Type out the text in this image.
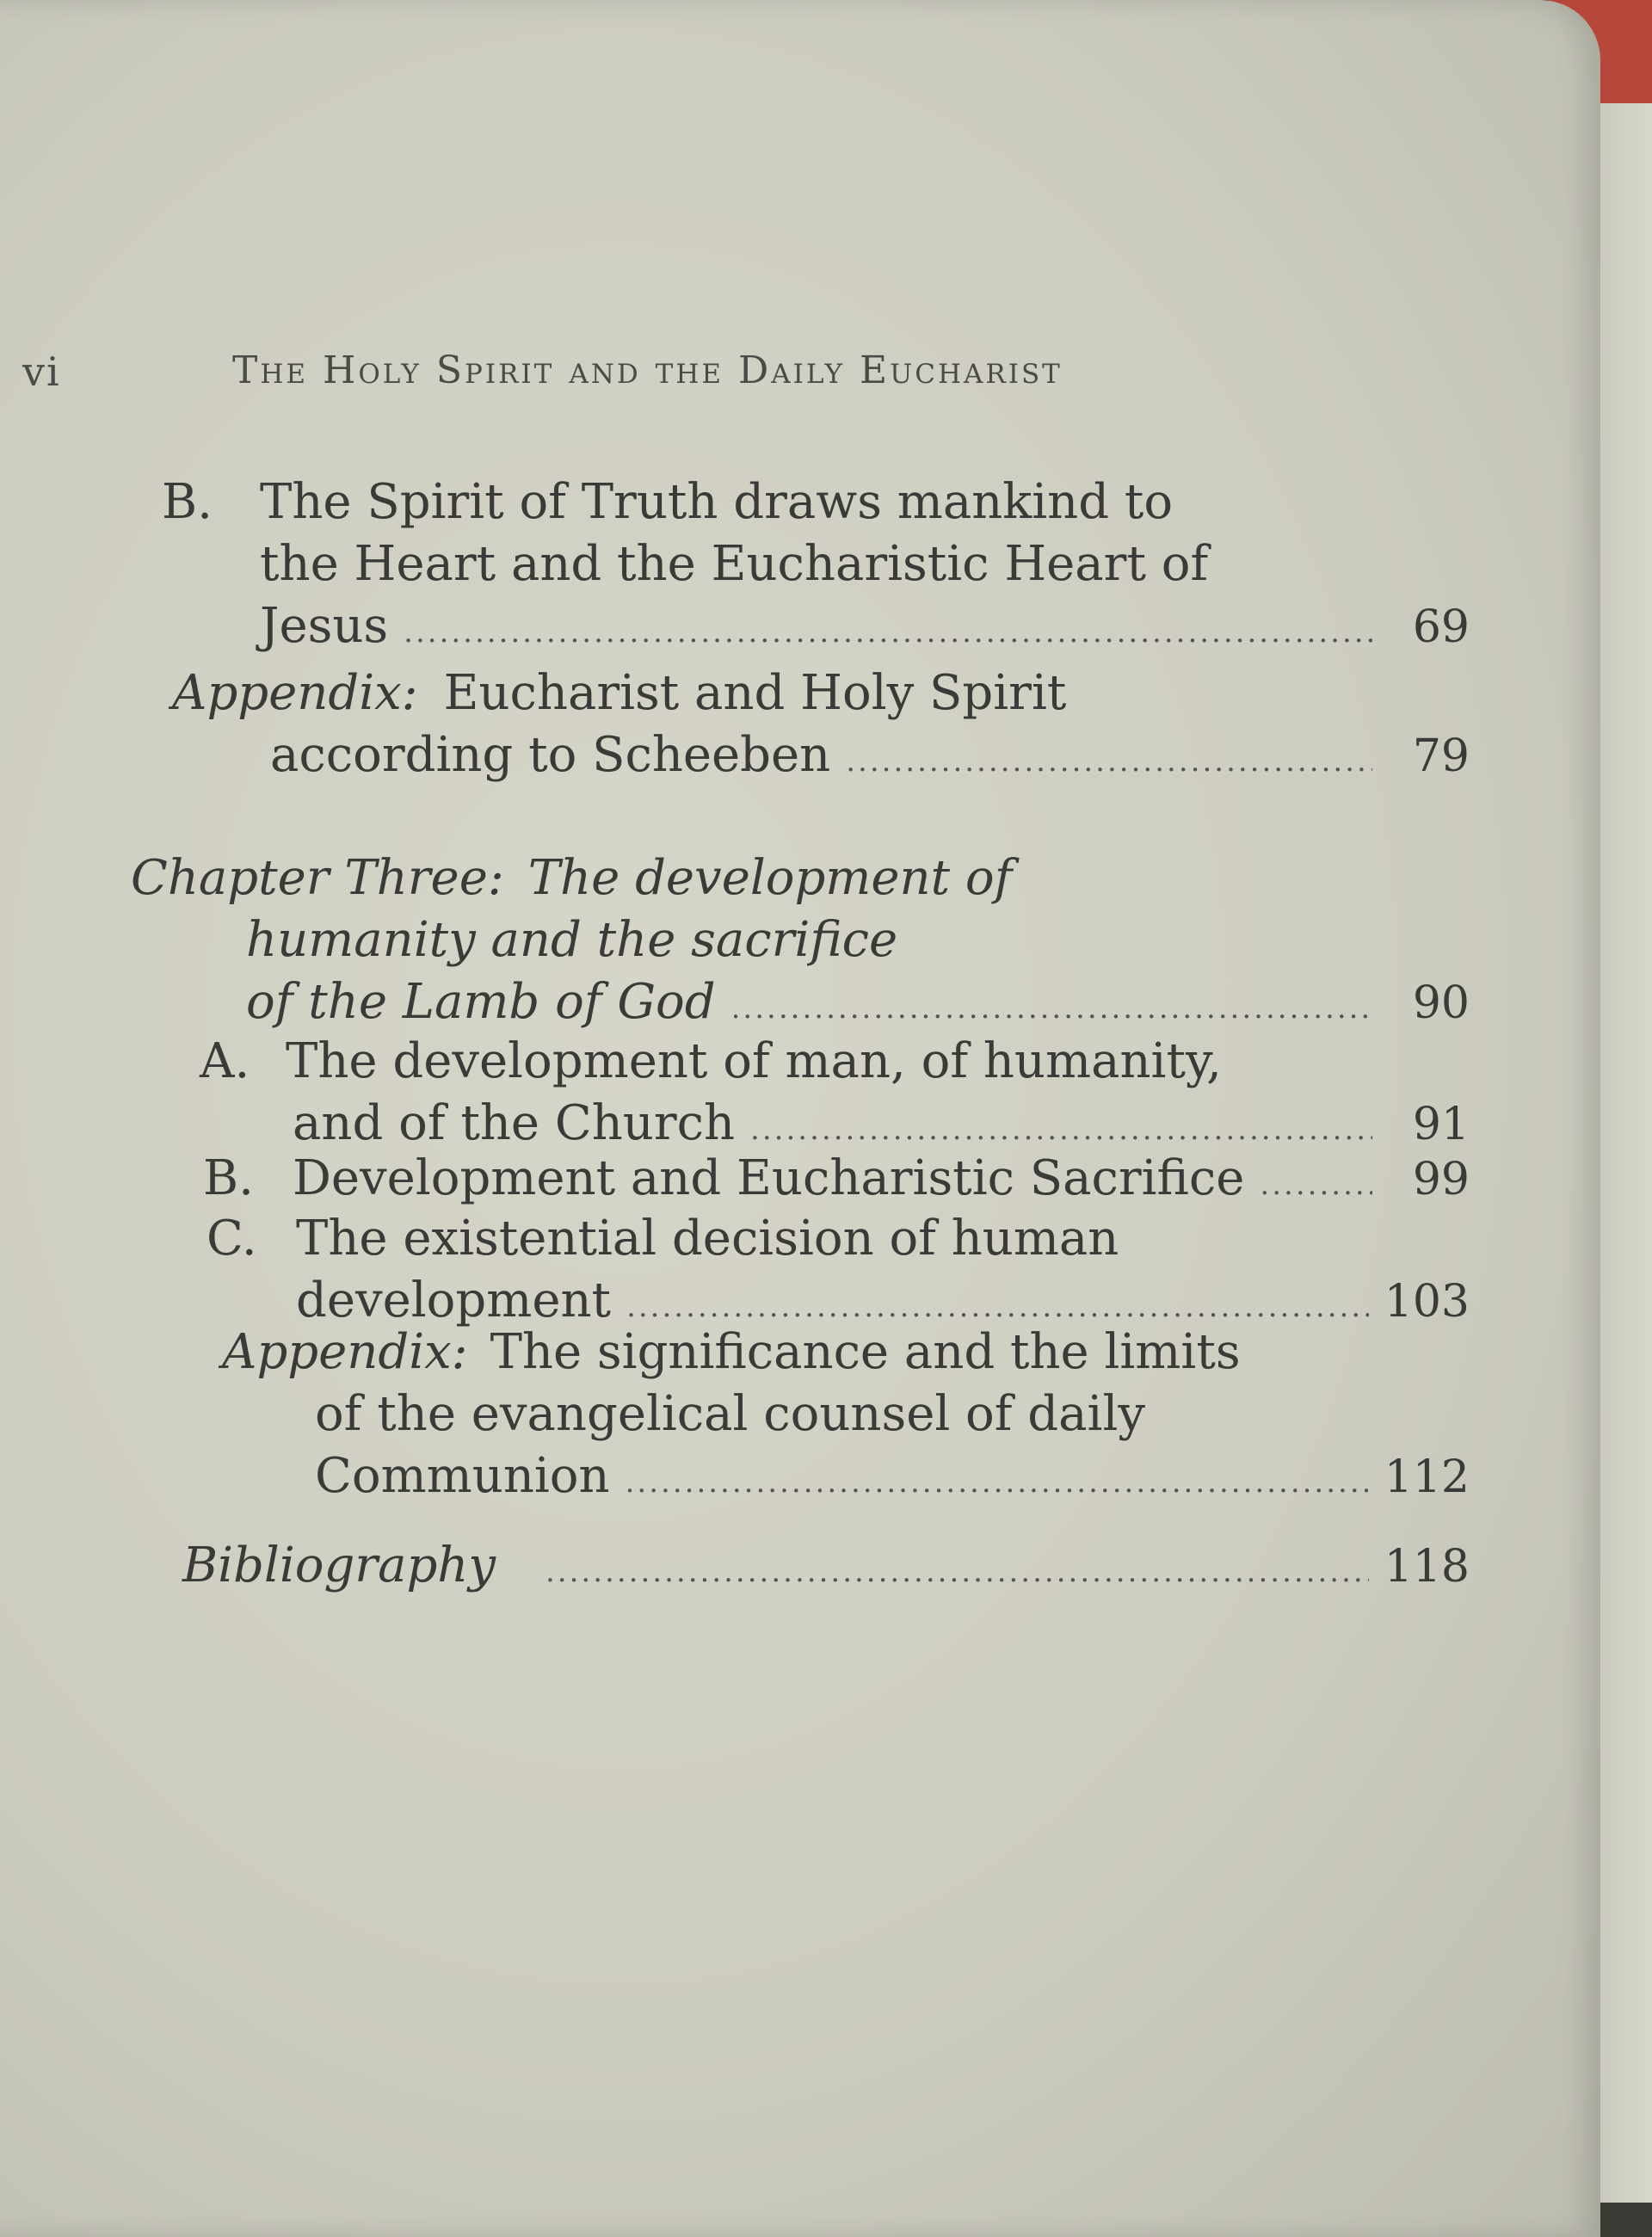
vi	The Holy Spirit and the Daily Eucharist
B. The Spirit of Truth draws mankind to
the Heart and the Eucharistic Heart of
Jesus .....	69
Appendix: Eucharist and Holy Spirit
according to Scheeben .....	79
Chapter Three: The development of
humanity and the sacrifice
of the Lamb of God .....	90
A. The development of man, of humanity,
and of the Church .....	91
B. Development and Eucharistic Sacrifice .....	99
C. The existential decision of human
development .....	103
Appendix: The significance and the limits
of the evangelical counsel of daily
Communion .....	112
Bibliography .....	118
